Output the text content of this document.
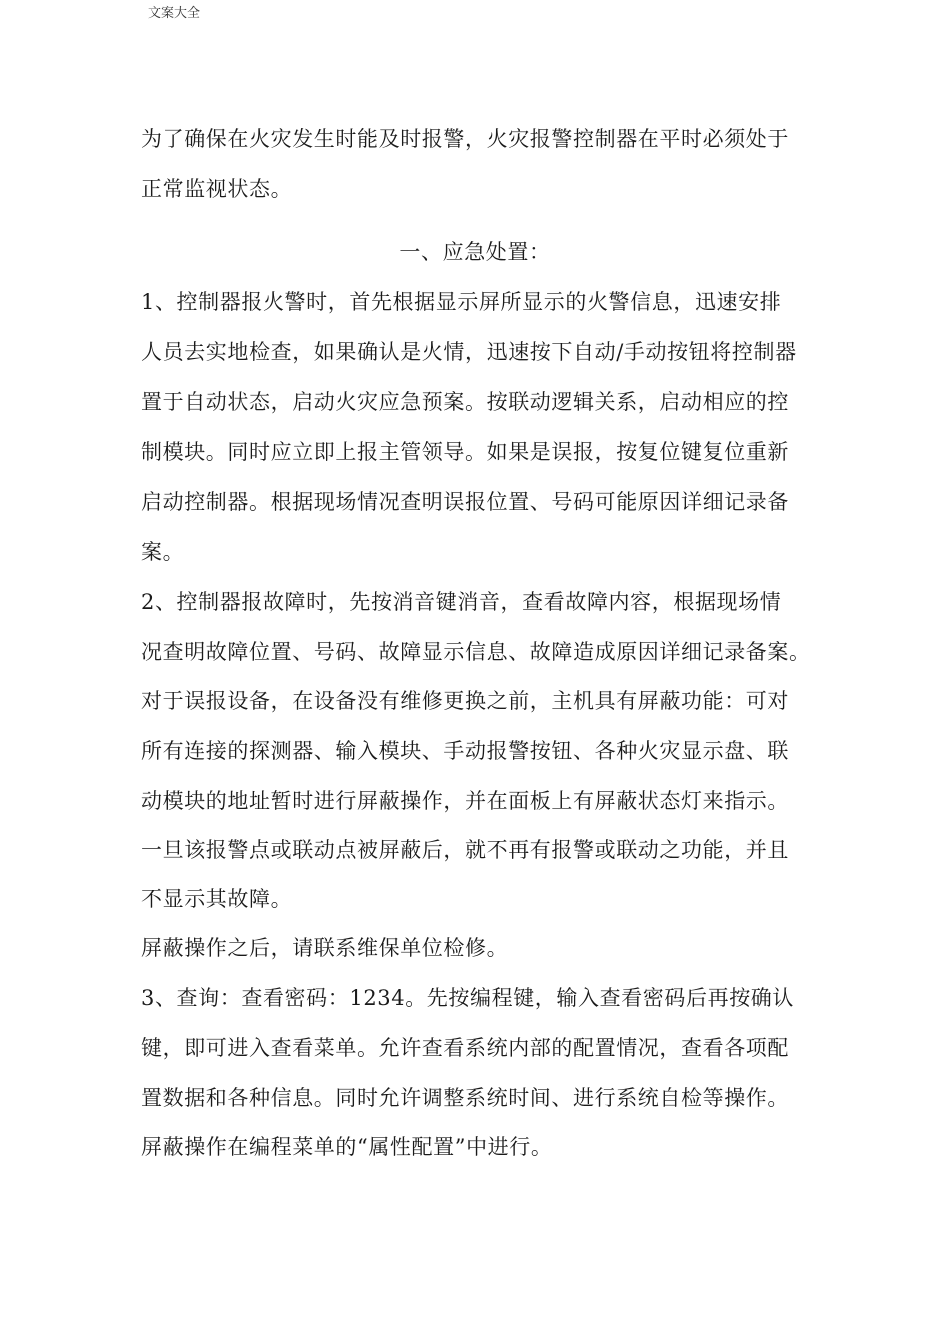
文案大全
为了确保在火灾发生时能及时报警，火灾报警控制器在平时必须处于
正常监视状态。
一、应急处置：
1、控制器报火警时，首先根据显示屏所显示的火警信息，迅速安排
人员去实地检查，如果确认是火情，迅速按下自动/手动按钮将控制器
置于自动状态，启动火灾应急预案。按联动逻辑关系，启动相应的控
制模块。同时应立即上报主管领导。如果是误报，按复位键复位重新
启动控制器。根据现场情况查明误报位置、号码可能原因详细记录备
案。
2、控制器报故障时，先按消音键消音，查看故障内容，根据现场情
况查明故障位置、号码、故障显示信息、故障造成原因详细记录备案。
对于误报设备，在设备没有维修更换之前，主机具有屏蔽功能：可对
所有连接的探测器、输入模块、手动报警按钮、各种火灾显示盘、联
动模块的地址暂时进行屏蔽操作，并在面板上有屏蔽状态灯来指示。
一旦该报警点或联动点被屏蔽后，就不再有报警或联动之功能，并且
不显示其故障。
屏蔽操作之后，请联系维保单位检修。
3、查询：查看密码：1234。先按编程键，输入查看密码后再按确认
键，即可进入查看菜单。允许查看系统内部的配置情况，查看各项配
置数据和各种信息。同时允许调整系统时间、进行系统自检等操作。
屏蔽操作在编程菜单的“属性配置”中进行。
